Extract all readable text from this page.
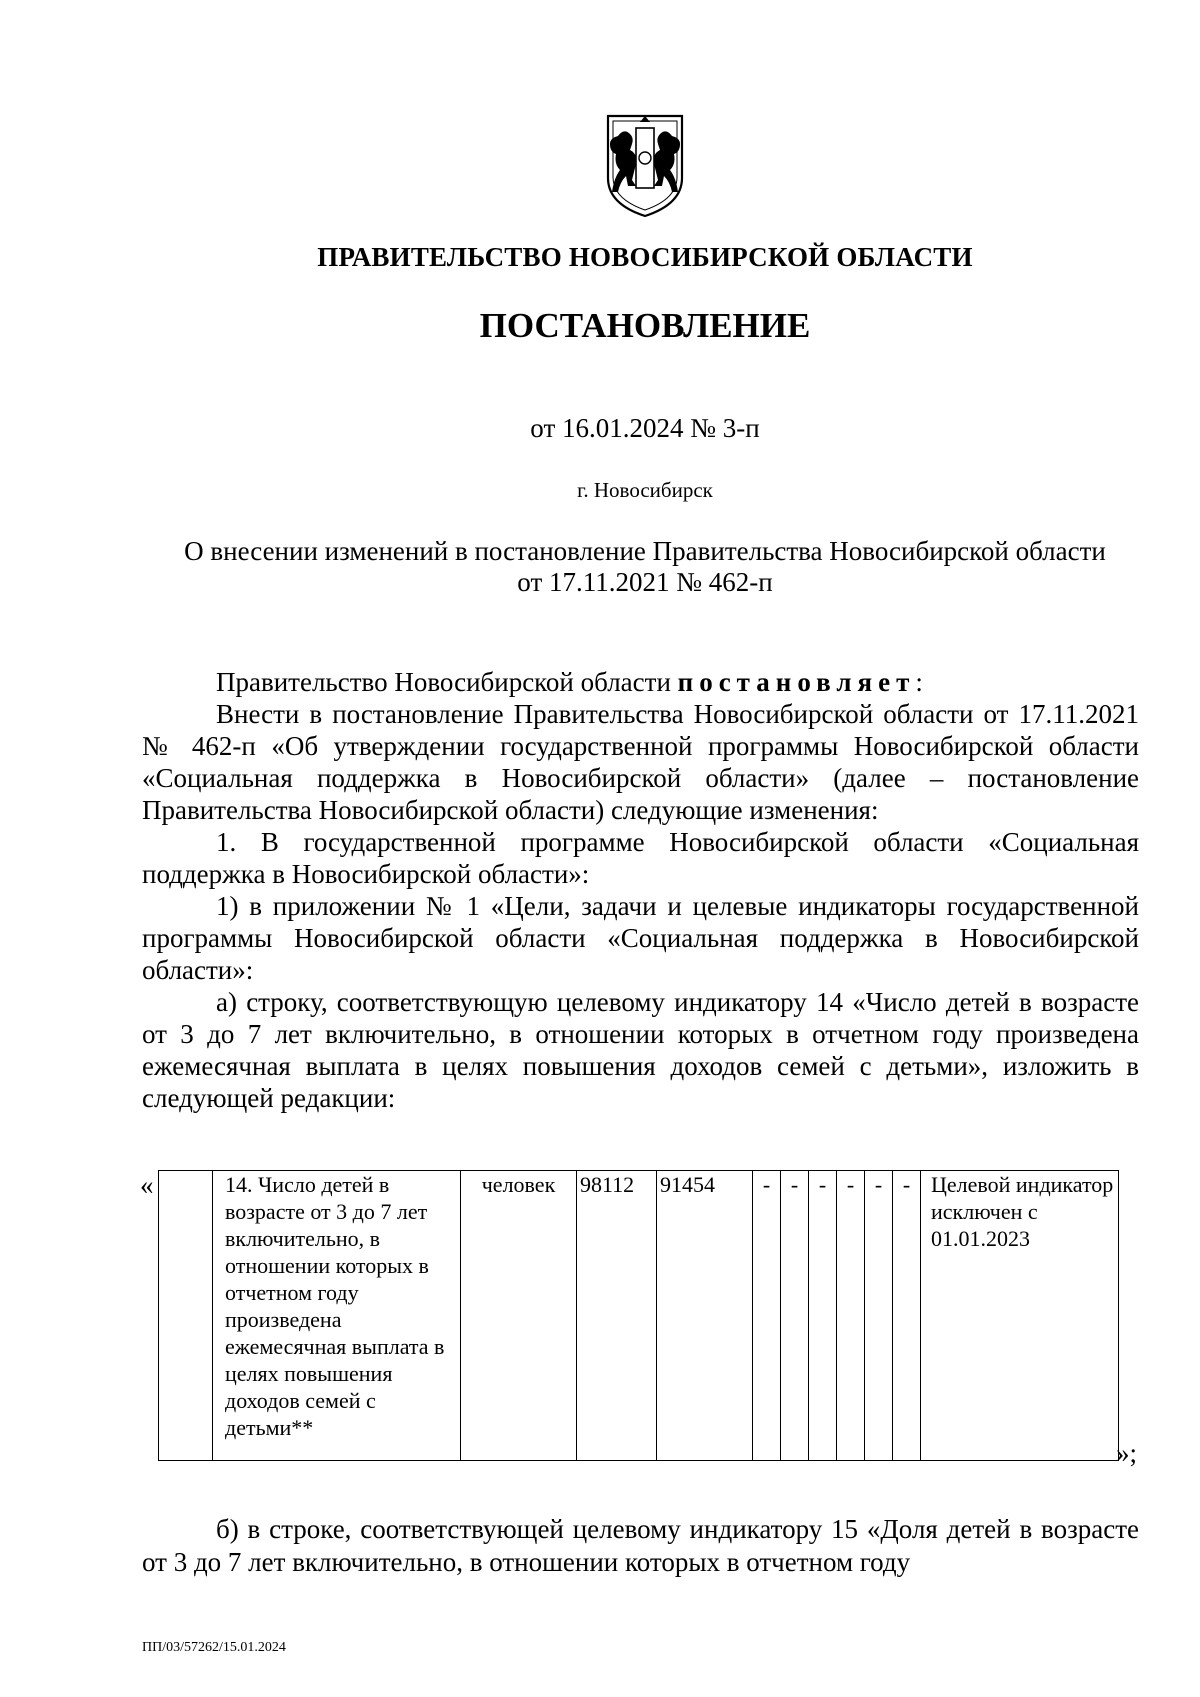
ПРАВИТЕЛЬСТВО НОВОСИБИРСКОЙ ОБЛАСТИ
ПОСТАНОВЛЕНИЕ
от 16.01.2024 № 3-п
г. Новосибирск
О внесении изменений в постановление Правительства Новосибирской области
от 17.11.2021 № 462-п

Правительство Новосибирской области постановляет:

Внести в постановление Правительства Новосибирской области от 17.11.2021 № 462-п «Об утверждении государственной программы Новосибирской области «Социальная поддержка в Новосибирской области» (далее – постановление Правительства Новосибирской области) следующие изменения:

1. В государственной программе Новосибирской области «Социальная поддержка в Новосибирской области»:

1) в приложении № 1 «Цели, задачи и целевые индикаторы государственной программы Новосибирской области «Социальная поддержка в Новосибирской области»:

а) строку, соответствующую целевому индикатору 14 «Число детей в возрасте от 3 до 7 лет включительно, в отношении которых в отчетном году произведена ежемесячная выплата в целях повышения доходов семей с детьми», изложить в следующей редакции:

«
		14. Число детей в возрасте от 3 до 7 лет включительно, в отношении которых в отчетном году произведена ежемесячная выплата в целях повышения доходов семей с детьми**	человек	98112	91454	-	-	-	-	-	-	Целевой индикатор исключен с 01.01.2023
»;

б) в строке, соответствующей целевому индикатору 15 «Доля детей в возрасте от 3 до 7 лет включительно, в отношении которых в отчетном году

ПП/03/57262/15.01.2024
